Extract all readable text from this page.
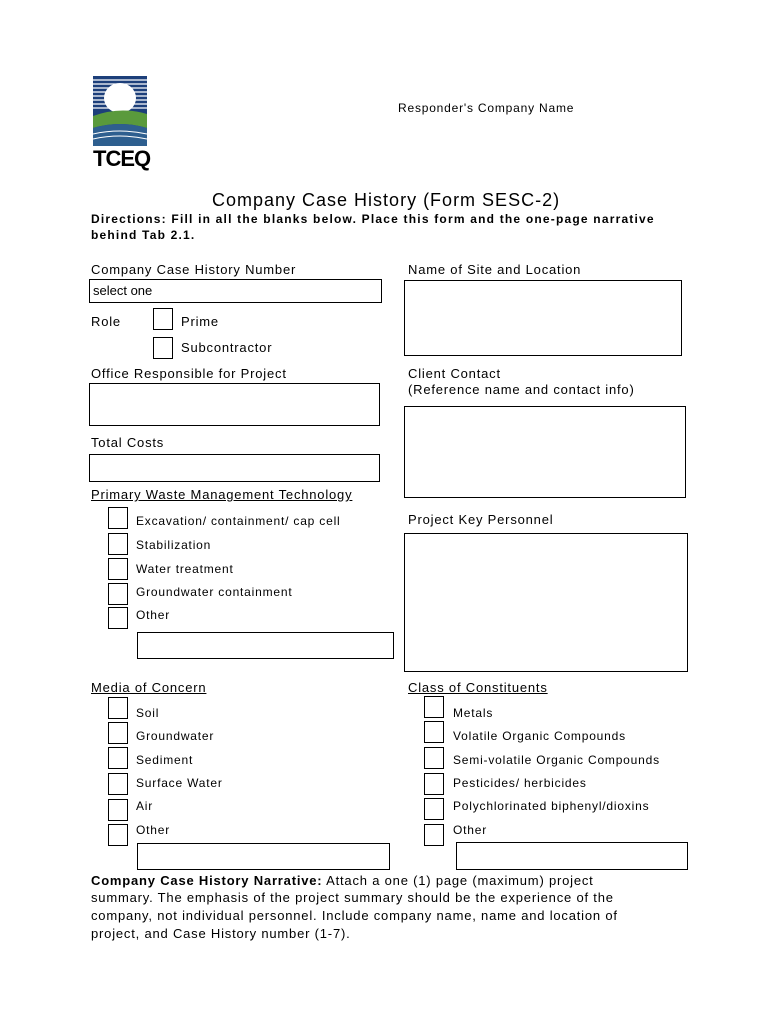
TCEQ
Responder's Company Name
Company Case History (Form SESC-2)
Directions: Fill in all the blanks below. Place this form and the one-page narrative
behind Tab 2.1.
Company Case History Number
select one
Role	Prime
Subcontractor
Office Responsible for Project
Total Costs
Primary Waste Management Technology
Excavation/ containment/ cap cell
Stabilization
Water treatment
Groundwater containment
Other
Name of Site and Location
Client Contact
(Reference name and contact info)
Project Key Personnel
Media of Concern
Soil
Groundwater
Sediment
Surface Water
Air
Other
Class of Constituents
Metals
Volatile Organic Compounds
Semi-volatile Organic Compounds
Pesticides/ herbicides
Polychlorinated biphenyl/dioxins
Other
Company Case History Narrative: Attach a one (1) page (maximum) project
summary. The emphasis of the project summary should be the experience of the
company, not individual personnel. Include company name, name and location of
project, and Case History number (1-7).
